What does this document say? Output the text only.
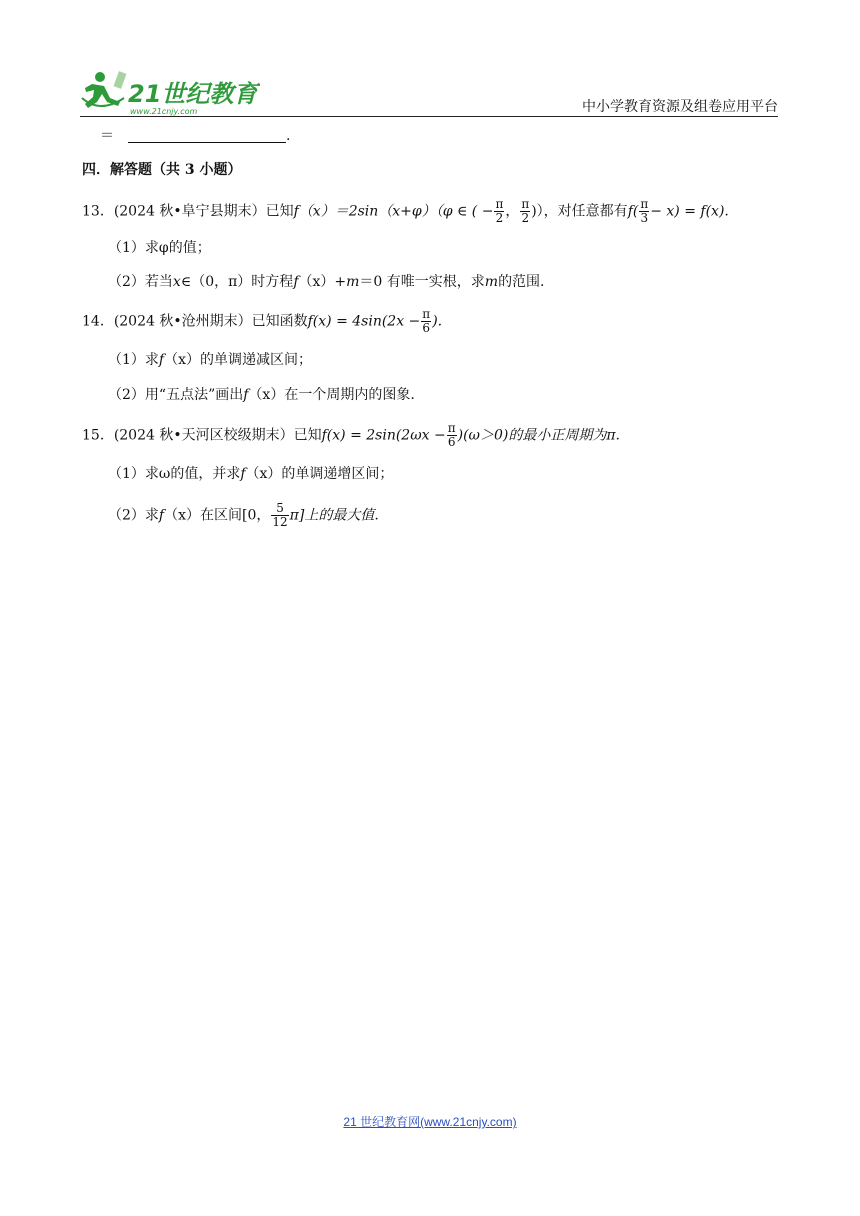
21世纪教育
www.21cnjy.com	中小学教育资源及组卷应用平台
＝	.
四．解答题（共 3 小题）
13．(2024 秋•阜宁县期末）已知f（x）＝2sin（x+φ）（φ ∈ ( − $\frac{\pi}{2}$ ， $\frac{\pi}{2}$ )），对任意都有$f( \frac{\pi}{3} - x) = f(x)$.
（1）求φ的值；
（2）若当x∈（0，π）时方程f（x）+m＝0 有唯一实根，求m的范围.
14．(2024 秋•沧州期末）已知函数$f(x) = 4\sin(2x - \frac{\pi}{6}$ ).
（1）求f（x）的单调递减区间；
（2）用“五点法”画出f（x）在一个周期内的图象.
15．(2024 秋•天河区校级期末）已知$f(x) = 2\sin(2\omega x - \frac{\pi}{6} )(\omega>0)$的最小正周期为π.
（1）求ω的值，并求f（x）的单调递增区间；
（2）求f（x）在区间[0， $\frac{5}{12} \pi$]上的最大值.
21 世纪教育网(www.21cnjy.com)
